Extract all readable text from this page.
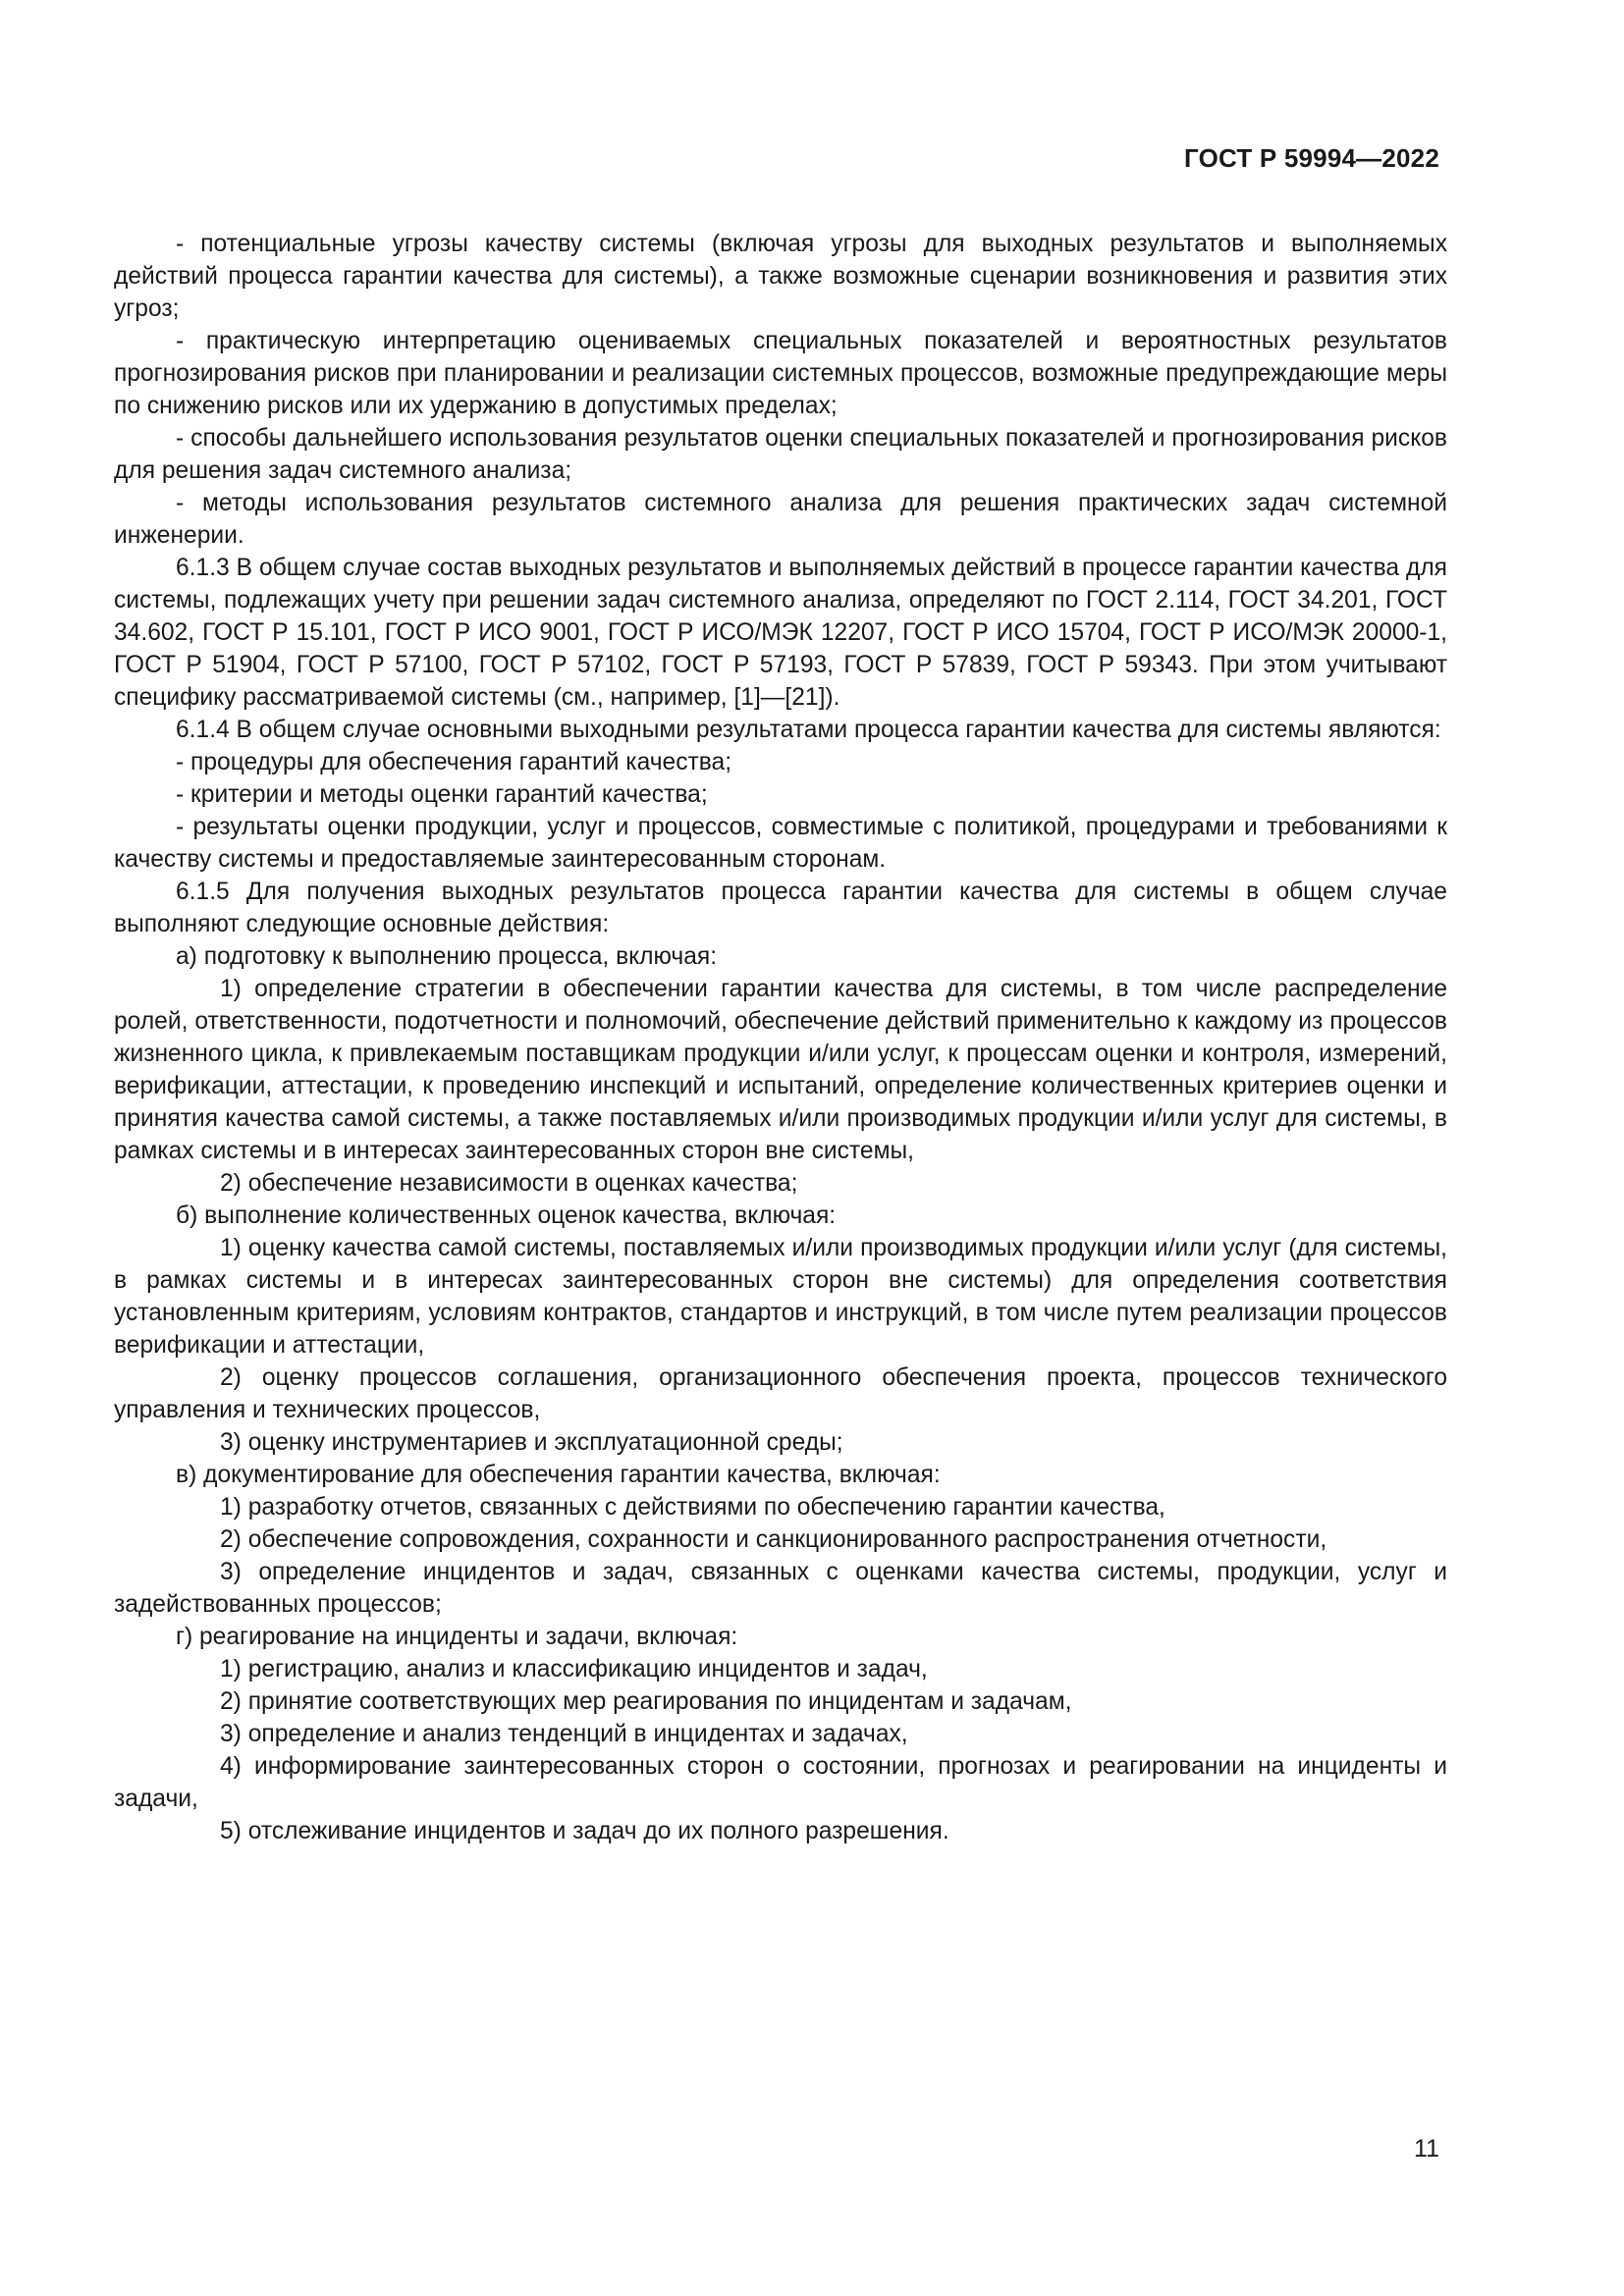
ГОСТ Р 59994—2022

- потенциальные угрозы качеству системы (включая угрозы для выходных результатов и выполняемых действий процесса гарантии качества для системы), а также возможные сценарии возникновения и развития этих угроз;

- практическую интерпретацию оцениваемых специальных показателей и вероятностных результатов прогнозирования рисков при планировании и реализации системных процессов, возможные предупреждающие меры по снижению рисков или их удержанию в допустимых пределах;

- способы дальнейшего использования результатов оценки специальных показателей и прогнозирования рисков для решения задач системного анализа;

- методы использования результатов системного анализа для решения практических задач системной инженерии.

6.1.3 В общем случае состав выходных результатов и выполняемых действий в процессе гарантии качества для системы, подлежащих учету при решении задач системного анализа, определяют по ГОСТ 2.114, ГОСТ 34.201, ГОСТ 34.602, ГОСТ Р 15.101, ГОСТ Р ИСО 9001, ГОСТ Р ИСО/МЭК 12207, ГОСТ Р ИСО 15704, ГОСТ Р ИСО/МЭК 20000-1, ГОСТ Р 51904, ГОСТ Р 57100, ГОСТ Р 57102, ГОСТ Р 57193, ГОСТ Р 57839, ГОСТ Р 59343. При этом учитывают специфику рассматриваемой системы (см., например, [1]—[21]).

6.1.4 В общем случае основными выходными результатами процесса гарантии качества для системы являются:

- процедуры для обеспечения гарантий качества;

- критерии и методы оценки гарантий качества;

- результаты оценки продукции, услуг и процессов, совместимые с политикой, процедурами и требованиями к качеству системы и предоставляемые заинтересованным сторонам.

6.1.5 Для получения выходных результатов процесса гарантии качества для системы в общем случае выполняют следующие основные действия:

а) подготовку к выполнению процесса, включая:

1) определение стратегии в обеспечении гарантии качества для системы, в том числе распределение ролей, ответственности, подотчетности и полномочий, обеспечение действий применительно к каждому из процессов жизненного цикла, к привлекаемым поставщикам продукции и/или услуг, к процессам оценки и контроля, измерений, верификации, аттестации, к проведению инспекций и испытаний, определение количественных критериев оценки и принятия качества самой системы, а также поставляемых и/или производимых продукции и/или услуг для системы, в рамках системы и в интересах заинтересованных сторон вне системы,

2) обеспечение независимости в оценках качества;

б) выполнение количественных оценок качества, включая:

1) оценку качества самой системы, поставляемых и/или производимых продукции и/или услуг (для системы, в рамках системы и в интересах заинтересованных сторон вне системы) для определения соответствия установленным критериям, условиям контрактов, стандартов и инструкций, в том числе путем реализации процессов верификации и аттестации,

2) оценку процессов соглашения, организационного обеспечения проекта, процессов технического управления и технических процессов,

3) оценку инструментариев и эксплуатационной среды;

в) документирование для обеспечения гарантии качества, включая:

1) разработку отчетов, связанных с действиями по обеспечению гарантии качества,

2) обеспечение сопровождения, сохранности и санкционированного распространения отчетности,

3) определение инцидентов и задач, связанных с оценками качества системы, продукции, услуг и задействованных процессов;

г) реагирование на инциденты и задачи, включая:

1) регистрацию, анализ и классификацию инцидентов и задач,

2) принятие соответствующих мер реагирования по инцидентам и задачам,

3) определение и анализ тенденций в инцидентах и задачах,

4) информирование заинтересованных сторон о состоянии, прогнозах и реагировании на инциденты и задачи,

5) отслеживание инцидентов и задач до их полного разрешения.

11
